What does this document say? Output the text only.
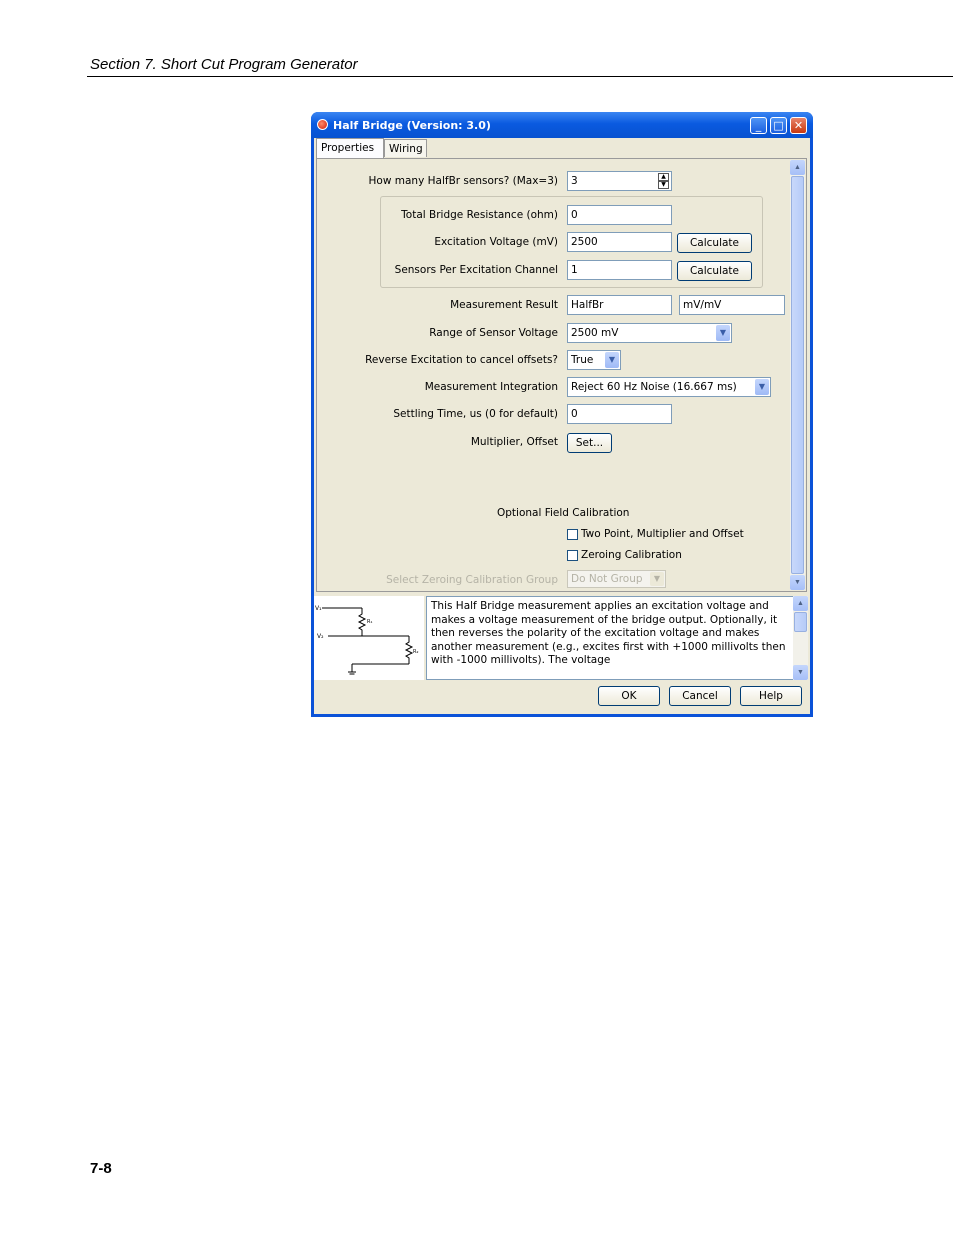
Section 7. Short Cut Program Generator
Half Bridge (Version: 3.0)	_	□ ✕
Properties	Wiring
How many HalfBr sensors? (Max=3)	3	▲
▼
Total Bridge Resistance (ohm)	0
Excitation Voltage (mV)	2500	Calculate
Sensors Per Excitation Channel	1	Calculate
Measurement Result	HalfBr	mV/mV
Range of Sensor Voltage	2500 mV	▼
Reverse Excitation to cancel offsets?	True	▼
Measurement Integration	Reject 60 Hz Noise (16.667 ms)	▼
Settling Time, us (0 for default)	0
Multiplier, Offset	Set...
Optional Field Calibration
Two Point, Multiplier and Offset
Zeroing Calibration
Select Zeroing Calibration Group	Do Not Group	▼
▲
▼
V₁
V₂
R₁
R₂
This Half Bridge measurement applies an excitation voltage and makes a voltage measurement of the bridge output. Optionally, it then reverses the polarity of the excitation voltage and makes another measurement (e.g., excites first with +1000 millivolts then with -1000 millivolts). The voltage
▲
▼
OK	Cancel	Help
7-8
